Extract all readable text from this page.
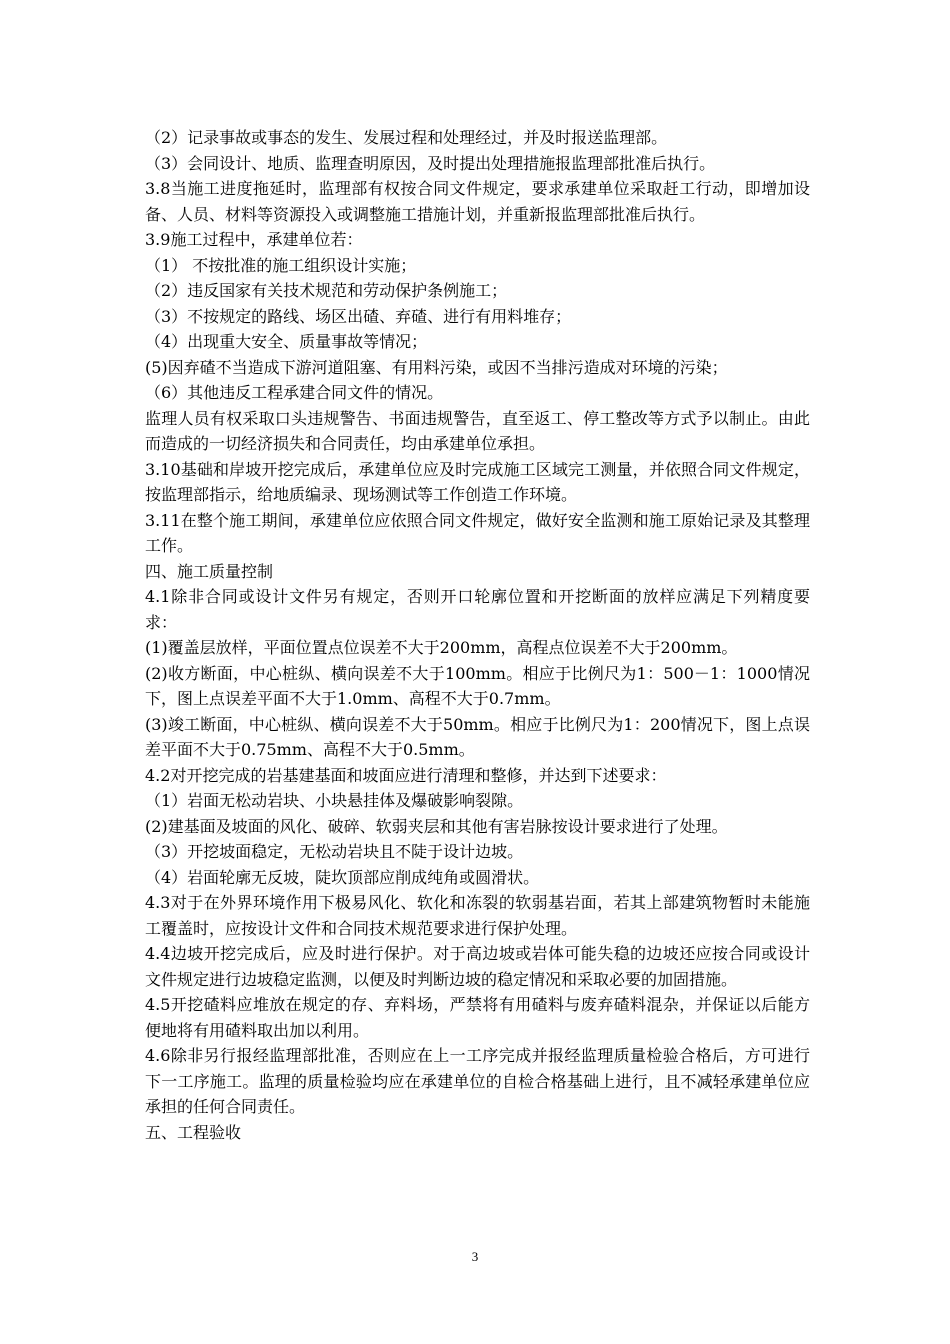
（2）记录事故或事态的发生、发展过程和处理经过，并及时报送监理部。

（3）会同设计、地质、监理查明原因，及时提出处理措施报监理部批准后执行。

3.8当施工进度拖延时，监理部有权按合同文件规定，要求承建单位采取赶工行动，即增加设备、人员、材料等资源投入或调整施工措施计划，并重新报监理部批准后执行。

3.9施工过程中，承建单位若：

（1） 不按批准的施工组织设计实施；

（2）违反国家有关技术规范和劳动保护条例施工；

（3）不按规定的路线、场区出碴、弃碴、进行有用料堆存；

（4）出现重大安全、质量事故等情况；

(5)因弃碴不当造成下游河道阻塞、有用料污染，或因不当排污造成对环境的污染；

（6）其他违反工程承建合同文件的情况。

监理人员有权采取口头违规警告、书面违规警告，直至返工、停工整改等方式予以制止。由此而造成的一切经济损失和合同责任，均由承建单位承担。

3.10基础和岸坡开挖完成后，承建单位应及时完成施工区域完工测量，并依照合同文件规定，按监理部指示，给地质编录、现场测试等工作创造工作环境。

3.11在整个施工期间，承建单位应依照合同文件规定，做好安全监测和施工原始记录及其整理工作。

四、施工质量控制

4.1除非合同或设计文件另有规定，否则开口轮廓位置和开挖断面的放样应满足下列精度要求：

(1)覆盖层放样，平面位置点位误差不大于200mm，高程点位误差不大于200mm。

(2)收方断面，中心桩纵、横向误差不大于100mm。相应于比例尺为1：500－1：1000情况下，图上点误差平面不大于1.0mm、高程不大于0.7mm。

(3)竣工断面，中心桩纵、横向误差不大于50mm。相应于比例尺为1：200情况下，图上点误差平面不大于0.75mm、高程不大于0.5mm。

4.2对开挖完成的岩基建基面和坡面应进行清理和整修，并达到下述要求：

（1）岩面无松动岩块、小块悬挂体及爆破影响裂隙。

(2)建基面及坡面的风化、破碎、软弱夹层和其他有害岩脉按设计要求进行了处理。

（3）开挖坡面稳定，无松动岩块且不陡于设计边坡。

（4）岩面轮廓无反坡，陡坎顶部应削成纯角或圆滑状。

4.3对于在外界环境作用下极易风化、软化和冻裂的软弱基岩面，若其上部建筑物暂时未能施工覆盖时，应按设计文件和合同技术规范要求进行保护处理。

4.4边坡开挖完成后，应及时进行保护。对于高边坡或岩体可能失稳的边坡还应按合同或设计文件规定进行边坡稳定监测，以便及时判断边坡的稳定情况和采取必要的加固措施。

4.5开挖碴料应堆放在规定的存、弃料场，严禁将有用碴料与废弃碴料混杂，并保证以后能方便地将有用碴料取出加以利用。

4.6除非另行报经监理部批准，否则应在上一工序完成并报经监理质量检验合格后，方可进行下一工序施工。监理的质量检验均应在承建单位的自检合格基础上进行，且不减轻承建单位应承担的任何合同责任。

五、工程验收

3
